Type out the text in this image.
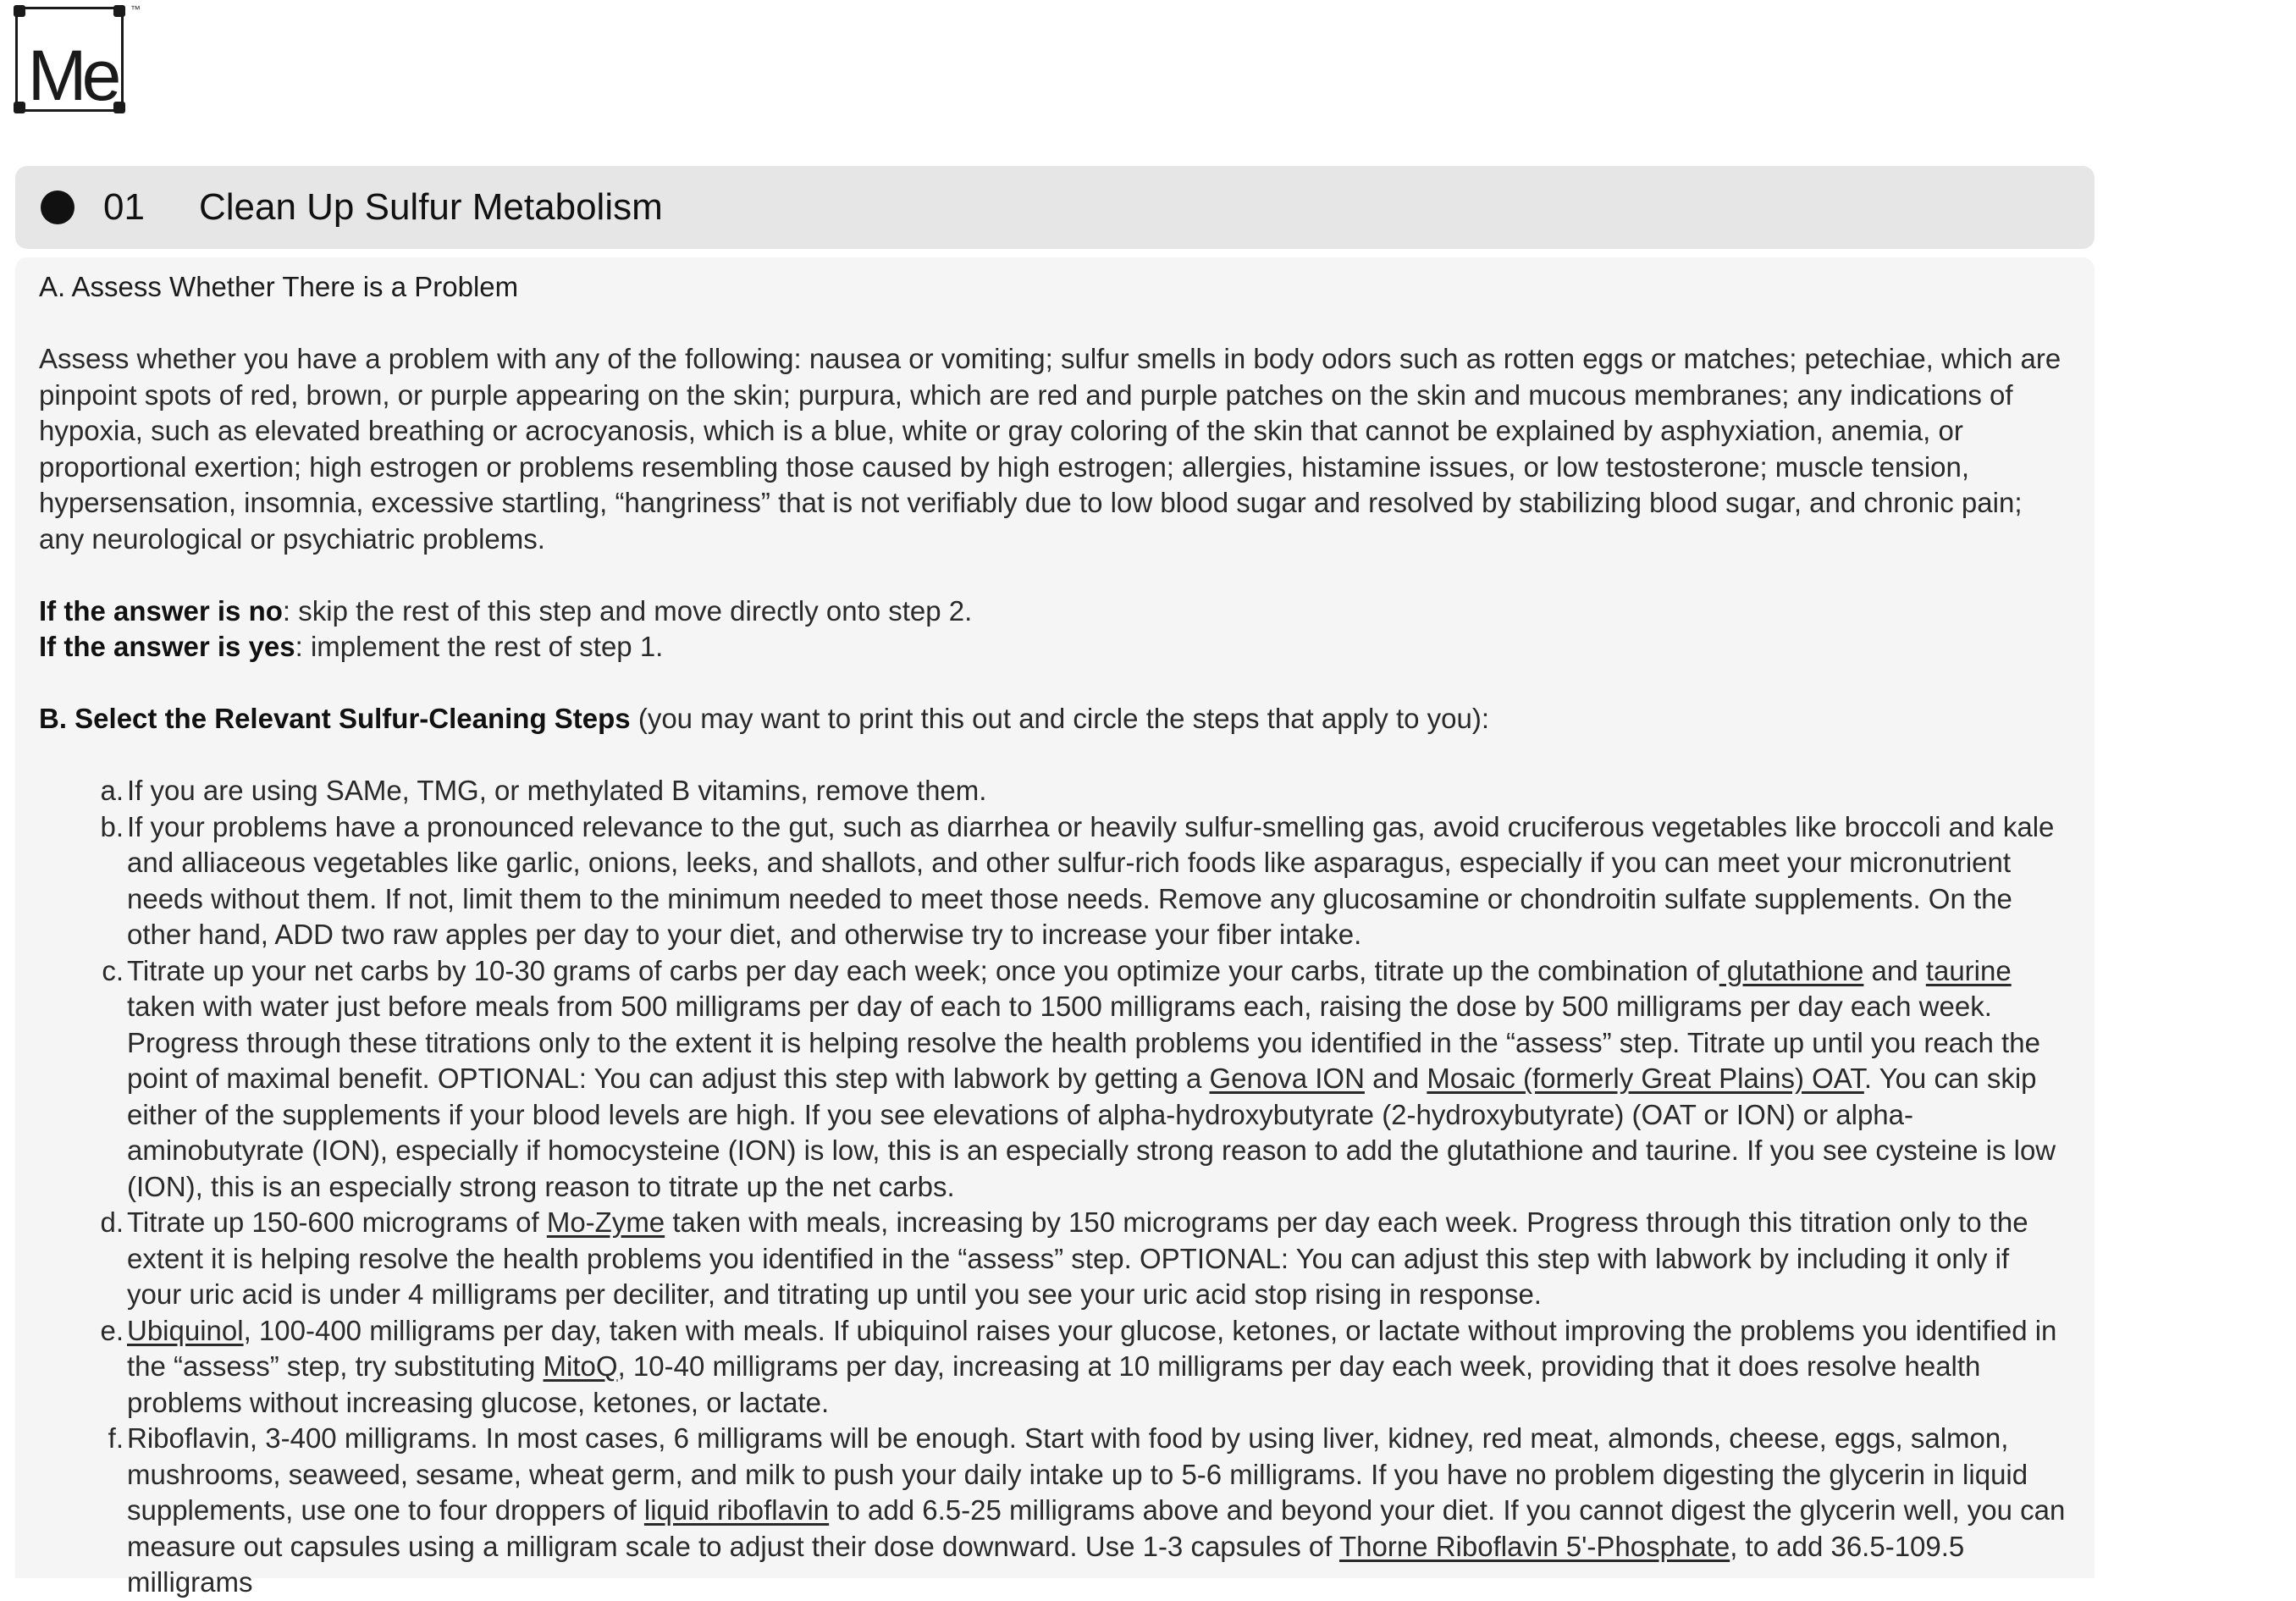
Me
™
01 Clean Up Sulfur Metabolism

A. Assess Whether There is a Problem

Assess whether you have a problem with any of the following: nausea or vomiting; sulfur smells in body odors such as rotten eggs or matches; petechiae, which are pinpoint spots of red, brown, or purple appearing on the skin; purpura, which are red and purple patches on the skin and mucous membranes; any indications of hypoxia, such as elevated breathing or acrocyanosis, which is a blue, white or gray coloring of the skin that cannot be explained by asphyxiation, anemia, or proportional exertion; high estrogen or problems resembling those caused by high estrogen; allergies, histamine issues, or low testosterone; muscle tension, hypersensation, insomnia, excessive startling, “hangriness” that is not verifiably due to low blood sugar and resolved by stabilizing blood sugar, and chronic pain; any neurological or psychiatric problems.

If the answer is no: skip the rest of this step and move directly onto step 2.

If the answer is yes: implement the rest of step 1.

B. Select the Relevant Sulfur-Cleaning Steps (you may want to print this out and circle the steps that apply to you):

a. If you are using SAMe, TMG, or methylated B vitamins, remove them.
b. If your problems have a pronounced relevance to the gut, such as diarrhea or heavily sulfur-smelling gas, avoid cruciferous vegetables like broccoli and kale and alliaceous vegetables like garlic, onions, leeks, and shallots, and other sulfur-rich foods like asparagus, especially if you can meet your micronutrient needs without them. If not, limit them to the minimum needed to meet those needs. Remove any glucosamine or chondroitin sulfate supplements. On the other hand, ADD two raw apples per day to your diet, and otherwise try to increase your fiber intake.
c. Titrate up your net carbs by 10-30 grams of carbs per day each week; once you optimize your carbs, titrate up the combination of glutathione and taurine taken with water just before meals from 500 milligrams per day of each to 1500 milligrams each, raising the dose by 500 milligrams per day each week. Progress through these titrations only to the extent it is helping resolve the health problems you identified in the “assess” step. Titrate up until you reach the point of maximal benefit. OPTIONAL: You can adjust this step with labwork by getting a Genova ION and Mosaic (formerly Great Plains) OAT. You can skip either of the supplements if your blood levels are high. If you see elevations of alpha-hydroxybutyrate (2-hydroxybutyrate) (OAT or ION) or alpha-aminobutyrate (ION), especially if homocysteine (ION) is low, this is an especially strong reason to add the glutathione and taurine. If you see cysteine is low (ION), this is an especially strong reason to titrate up the net carbs.
d. Titrate up 150-600 micrograms of Mo-Zyme taken with meals, increasing by 150 micrograms per day each week. Progress through this titration only to the extent it is helping resolve the health problems you identified in the “assess” step. OPTIONAL: You can adjust this step with labwork by including it only if your uric acid is under 4 milligrams per deciliter, and titrating up until you see your uric acid stop rising in response.
e. Ubiquinol, 100-400 milligrams per day, taken with meals. If ubiquinol raises your glucose, ketones, or lactate without improving the problems you identified in the “assess” step, try substituting MitoQ, 10-40 milligrams per day, increasing at 10 milligrams per day each week, providing that it does resolve health problems without increasing glucose, ketones, or lactate.
f. Riboflavin, 3-400 milligrams. In most cases, 6 milligrams will be enough. Start with food by using liver, kidney, red meat, almonds, cheese, eggs, salmon, mushrooms, seaweed, sesame, wheat germ, and milk to push your daily intake up to 5-6 milligrams. If you have no problem digesting the glycerin in liquid supplements, use one to four droppers of liquid riboflavin to add 6.5-25 milligrams above and beyond your diet. If you cannot digest the glycerin well, you can measure out capsules using a milligram scale to adjust their dose downward. Use 1-3 capsules of Thorne Riboflavin 5'-Phosphate, to add 36.5-109.5 milligrams
